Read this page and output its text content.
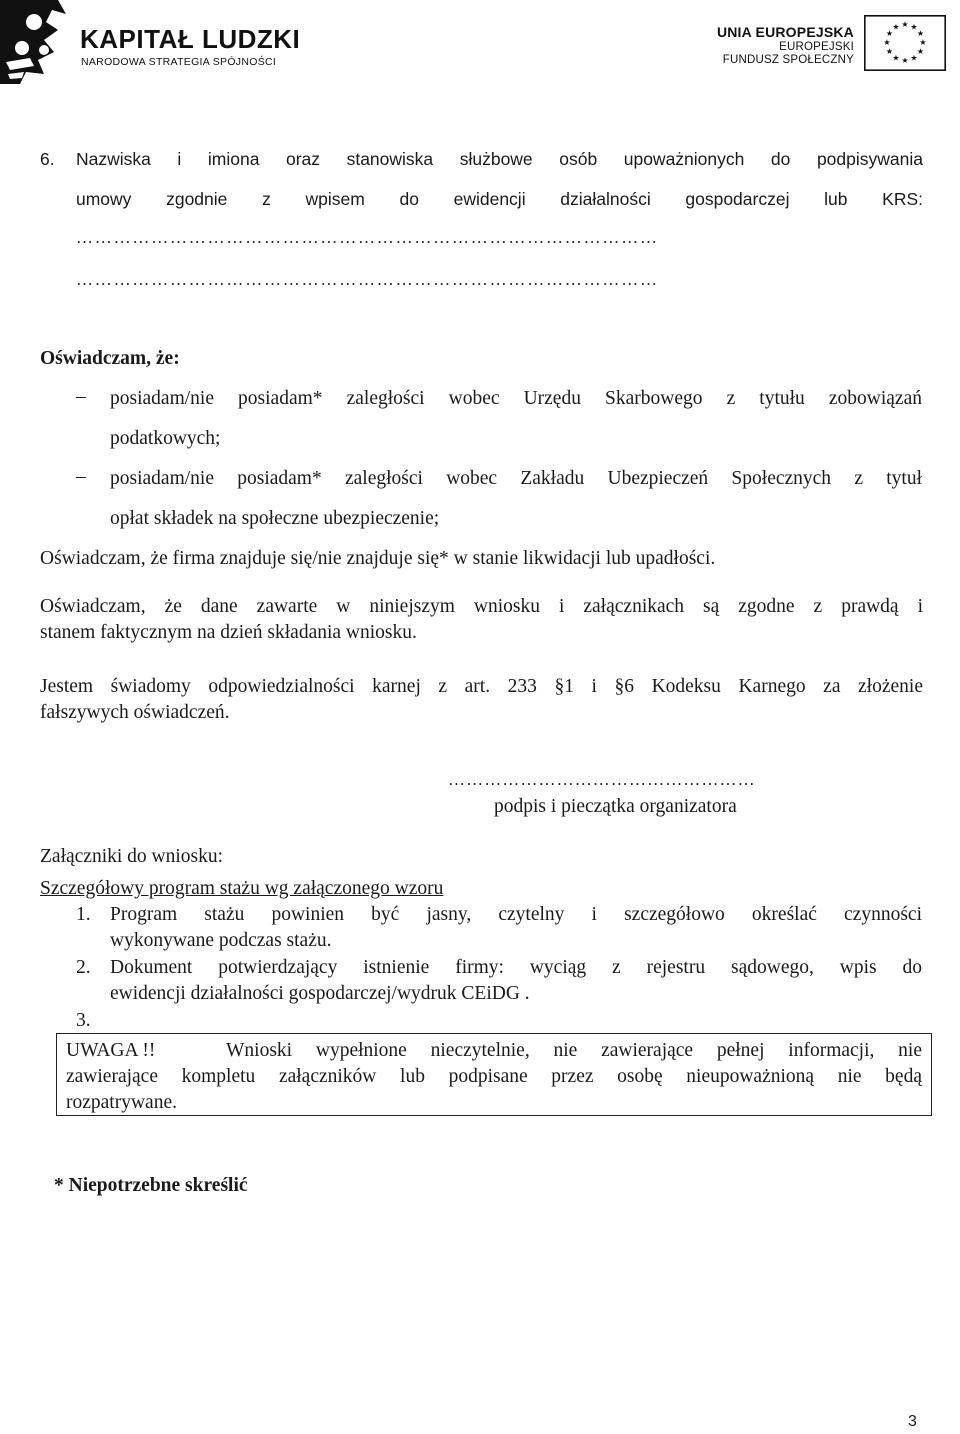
KAPITAŁ LUDZKI
NARODOWA STRATEGIA SPÓJNOŚCI
UNIA EUROPEJSKA
EUROPEJSKI
FUNDUSZ SPOŁECZNY
★ ★
★
★
★
★
★
★
★
★
★
★
6. Nazwiska i imiona oraz stanowiska służbowe osób upoważnionych do podpisywania
umowy zgodnie z wpisem do ewidencji działalności gospodarczej lub KRS:
…………………………………………………………………………………
…………………………………………………………………………………
Oświadczam, że:
– posiadam/nie posiadam* zaległości wobec Urzędu Skarbowego z tytułu zobowiązań
podatkowych;
– posiadam/nie posiadam* zaległości wobec Zakładu Ubezpieczeń Społecznych z tytuł
opłat składek na społeczne ubezpieczenie;
Oświadczam, że firma znajduje się/nie znajduje się* w stanie likwidacji lub upadłości.
Oświadczam, że dane zawarte w niniejszym wniosku i załącznikach są zgodne z prawdą i
stanem faktycznym na dzień składania wniosku.
Jestem świadomy odpowiedzialności karnej z art. 233 §1 i §6 Kodeksu Karnego za złożenie
fałszywych oświadczeń.
……………………………………………
podpis i pieczątka organizatora
Załączniki do wniosku:
Szczegółowy program stażu wg załączonego wzoru
1. Program stażu powinien być jasny, czytelny i szczegółowo określać czynności
wykonywane podczas stażu.
2. Dokument potwierdzający istnienie firmy: wyciąg z rejestru sądowego, wpis do
ewidencji działalności gospodarczej/wydruk CEiDG .
3.
UWAGA !!	Wnioski wypełnione nieczytelnie, nie zawierające pełnej informacji, nie
zawierające kompletu załączników lub podpisane przez osobę nieupoważnioną nie będą
rozpatrywane.
* Niepotrzebne skreślić
3
